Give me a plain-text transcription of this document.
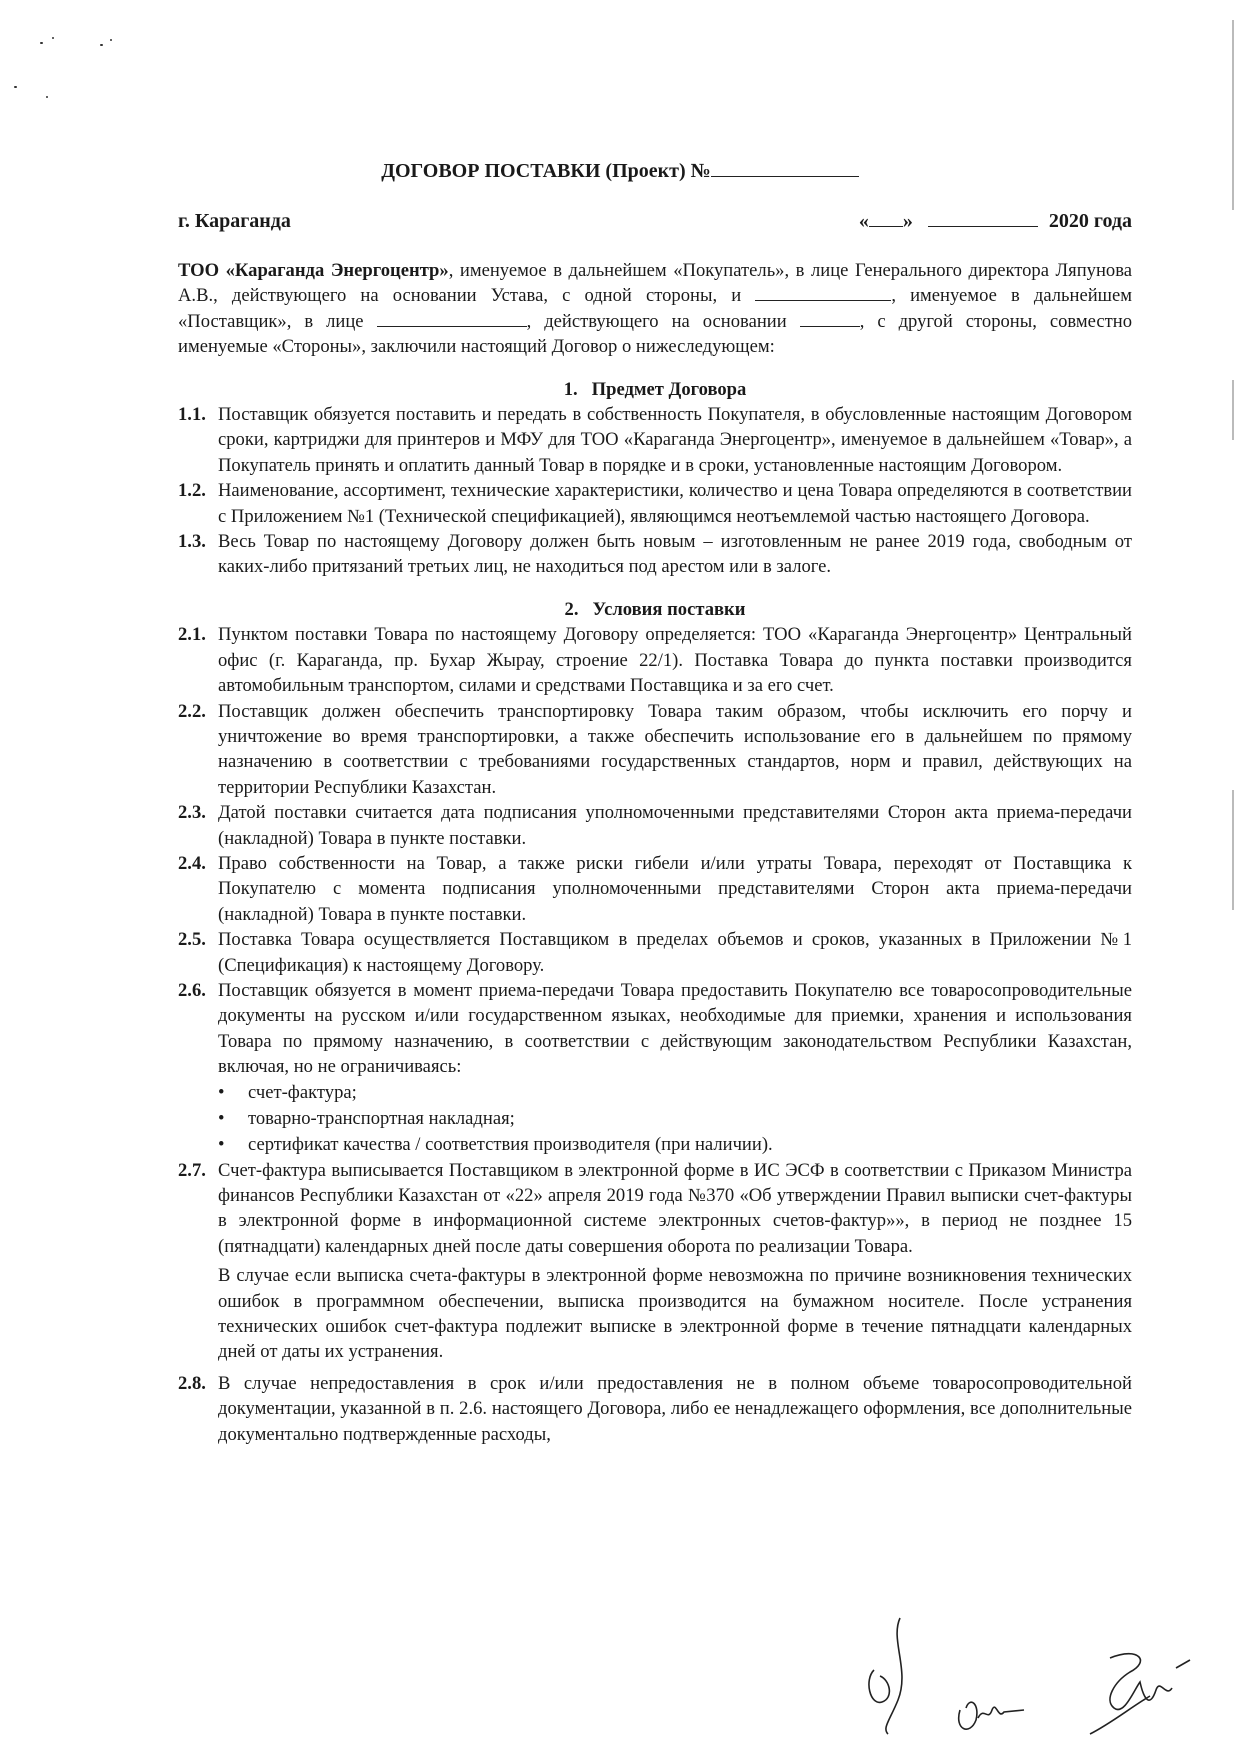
ДОГОВОР ПОСТАВКИ (Проект) №
г. Караганда	« »	2020 года

ТОО «Караганда Энергоцентр», именуемое в дальнейшем «Покупатель», в лице Генерального директора Ляпунова А.В., действующего на основании Устава, с одной стороны, и	, именуемое в дальнейшем «Поставщик», в лице	, действующего на основании	, с другой стороны, совместно именуемые «Стороны», заключили настоящий Договор о нижеследующем:

1. Предмет Договора

1.1. Поставщик обязуется поставить и передать в собственность Покупателя, в обусловленные настоящим Договором сроки, картриджи для принтеров и МФУ для ТОО «Караганда Энергоцентр», именуемое в дальнейшем «Товар», а Покупатель принять и оплатить данный Товар в порядке и в сроки, установленные настоящим Договором.

1.2. Наименование, ассортимент, технические характеристики, количество и цена Товара определяются в соответствии с Приложением №1 (Технической спецификацией), являющимся неотъемлемой частью настоящего Договора.

1.3. Весь Товар по настоящему Договору должен быть новым – изготовленным не ранее 2019 года, свободным от каких-либо притязаний третьих лиц, не находиться под арестом или в залоге.

2. Условия поставки

2.1. Пунктом поставки Товара по настоящему Договору определяется: ТОО «Караганда Энергоцентр» Центральный офис (г. Караганда, пр. Бухар Жырау, строение 22/1). Поставка Товара до пункта поставки производится автомобильным транспортом, силами и средствами Поставщика и за его счет.

2.2. Поставщик должен обеспечить транспортировку Товара таким образом, чтобы исключить его порчу и уничтожение во время транспортировки, а также обеспечить использование его в дальнейшем по прямому назначению в соответствии с требованиями государственных стандартов, норм и правил, действующих на территории Республики Казахстан.

2.3. Датой поставки считается дата подписания уполномоченными представителями Сторон акта приема-передачи (накладной) Товара в пункте поставки.

2.4. Право собственности на Товар, а также риски гибели и/или утраты Товара, переходят от Поставщика к Покупателю с момента подписания уполномоченными представителями Сторон акта приема-передачи (накладной) Товара в пункте поставки.

2.5. Поставка Товара осуществляется Поставщиком в пределах объемов и сроков, указанных в Приложении №1 (Спецификация) к настоящему Договору.

2.6. Поставщик обязуется в момент приема-передачи Товара предоставить Покупателю все товаросопроводительные документы на русском и/или государственном языках, необходимые для приемки, хранения и использования Товара по прямому назначению, в соответствии с действующим законодательством Республики Казахстан, включая, но не ограничиваясь:

• счет-фактура;

• товарно-транспортная накладная;

• сертификат качества / соответствия производителя (при наличии).

2.7. Счет-фактура выписывается Поставщиком в электронной форме в ИС ЭСФ в соответствии с Приказом Министра финансов Республики Казахстан от «22» апреля 2019 года №370 «Об утверждении Правил выписки счет-фактуры в электронной форме в информационной системе электронных счетов-фактур»», в период не позднее 15 (пятнадцати) календарных дней после даты совершения оборота по реализации Товара.

В случае если выписка счета-фактуры в электронной форме невозможна по причине возникновения технических ошибок в программном обеспечении, выписка производится на бумажном носителе. После устранения технических ошибок счет-фактура подлежит выписке в электронной форме в течение пятнадцати календарных дней от даты их устранения.

2.8. В случае непредоставления в срок и/или предоставления не в полном объеме товаросопроводительной документации, указанной в п. 2.6. настоящего Договора, либо ее ненадлежащего оформления, все дополнительные документально подтвержденные расходы,
